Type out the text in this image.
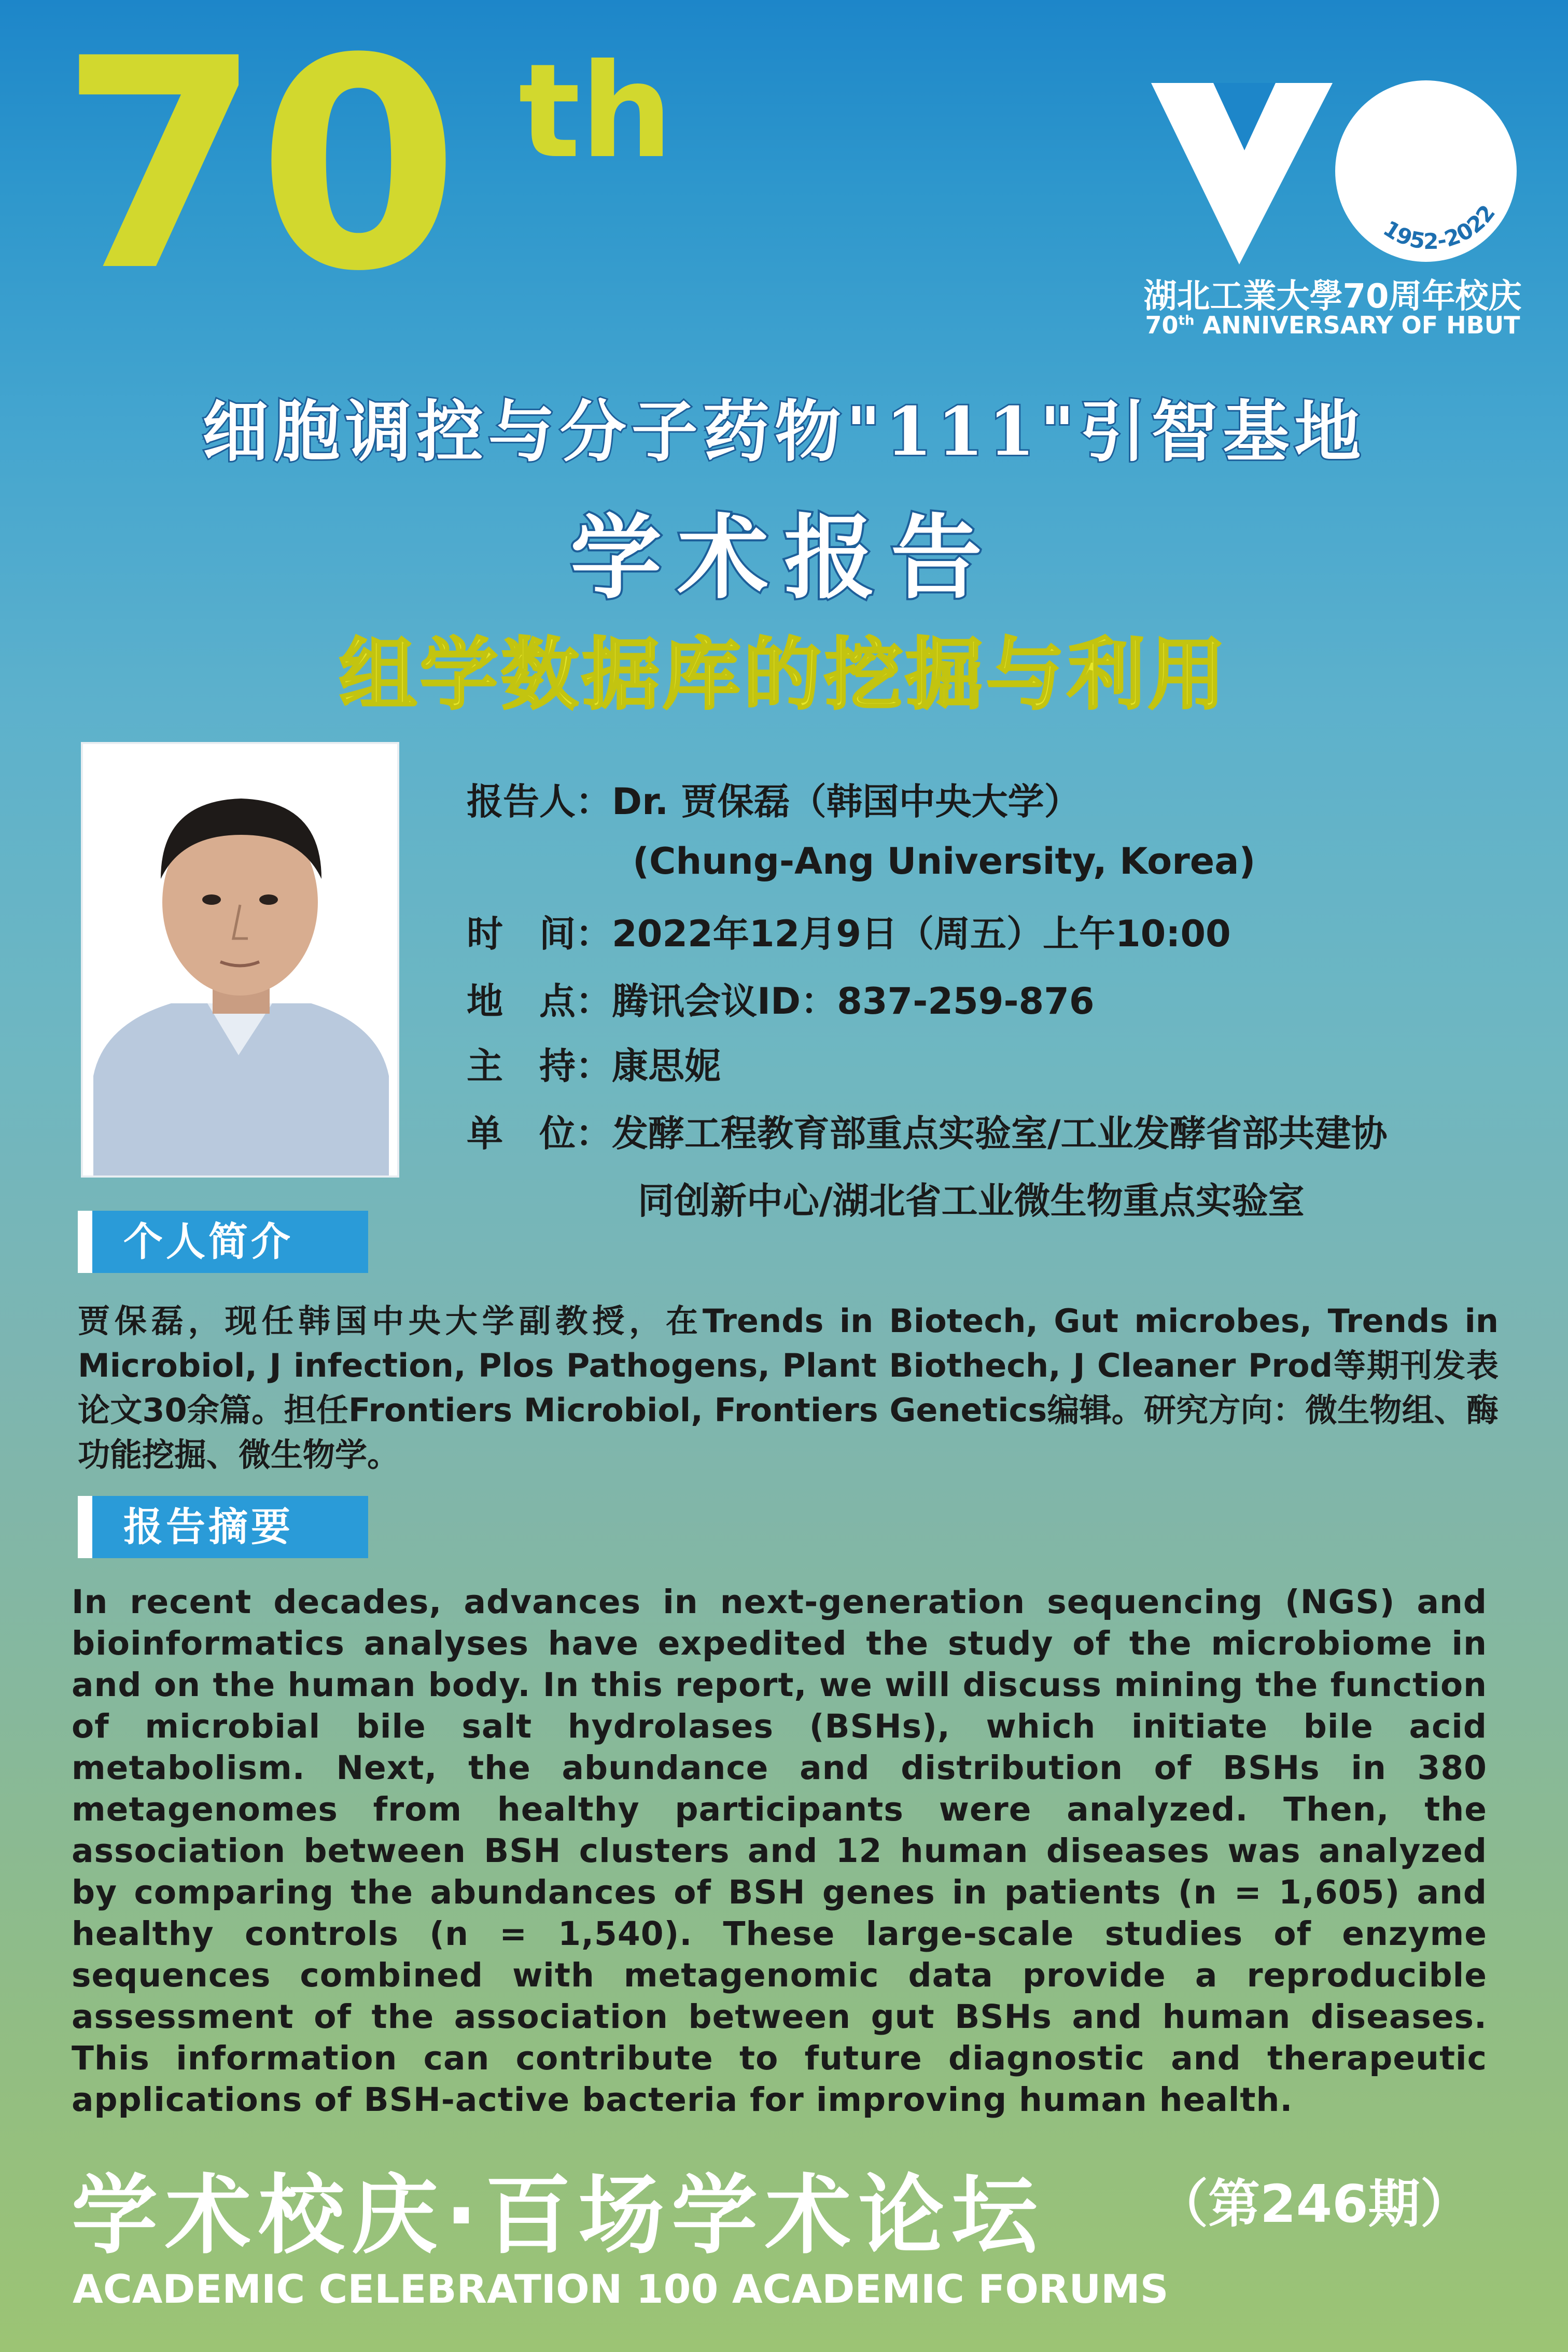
70 th
1952-2022
湖北工業大學70周年校庆
70th ANNIVERSARY OF HBUT
细胞调控与分子药物"111"引智基地
学术报告
组学数据库的挖掘与利用
报告人：Dr. 贾保磊（韩国中央大学）
(Chung-Ang University, Korea)
时　间：2022年12月9日（周五）上午10:00
地　点：腾讯会议ID：837-259-876
主　持：康思妮
单　位：发酵工程教育部重点实验室/工业发酵省部共建协
同创新中心/湖北省工业微生物重点实验室
个人简介
贾保磊，现任韩国中央大学副教授，在Trends in Biotech, Gut microbes, Trends in Microbiol, J infection, Plos Pathogens, Plant Biothech, J Cleaner Prod等期刊发表论文30余篇。担任Frontiers Microbiol, Frontiers Genetics编辑。研究方向：微生物组、酶功能挖掘、微生物学。
报告摘要
In recent decades, advances in next-generation sequencing (NGS) and bioinformatics analyses have expedited the study of the microbiome in and on the human body. In this report, we will discuss mining the function of microbial bile salt hydrolases (BSHs), which initiate bile acid metabolism. Next, the abundance and distribution of BSHs in 380 metagenomes from healthy participants were analyzed. Then, the association between BSH clusters and 12 human diseases was analyzed by comparing the abundances of BSH genes in patients (n = 1,605) and healthy controls (n = 1,540). These large-scale studies of enzyme sequences combined with metagenomic data provide a reproducible assessment of the association between gut BSHs and human diseases. This information can contribute to future diagnostic and therapeutic applications of BSH-active bacteria for improving human health.
学术校庆·百场学术论坛 （第246期）
ACADEMIC CELEBRATION 100 ACADEMIC FORUMS
